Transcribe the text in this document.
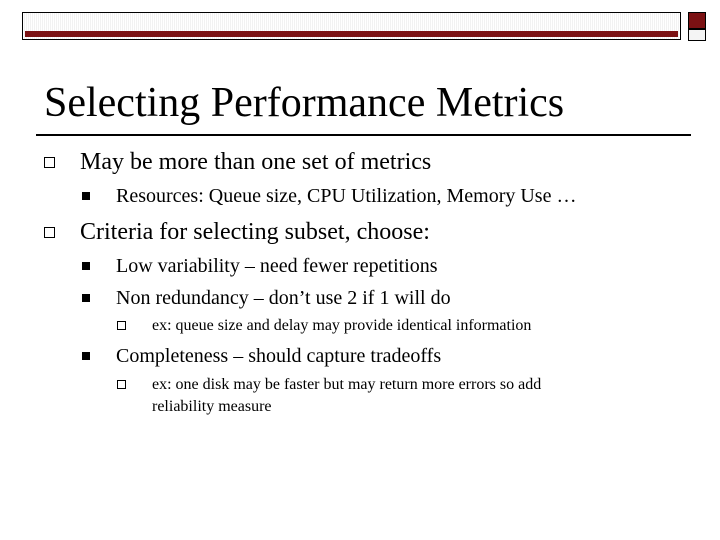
Selecting Performance Metrics
May be more than one set of metrics
Resources: Queue size, CPU Utilization, Memory Use …
Criteria for selecting subset, choose:
Low variability – need fewer repetitions
Non redundancy – don’t use 2 if 1 will do
ex: queue size and delay may provide identical information
Completeness – should capture tradeoffs
ex: one disk may be faster but may return more errors so add
reliability measure
